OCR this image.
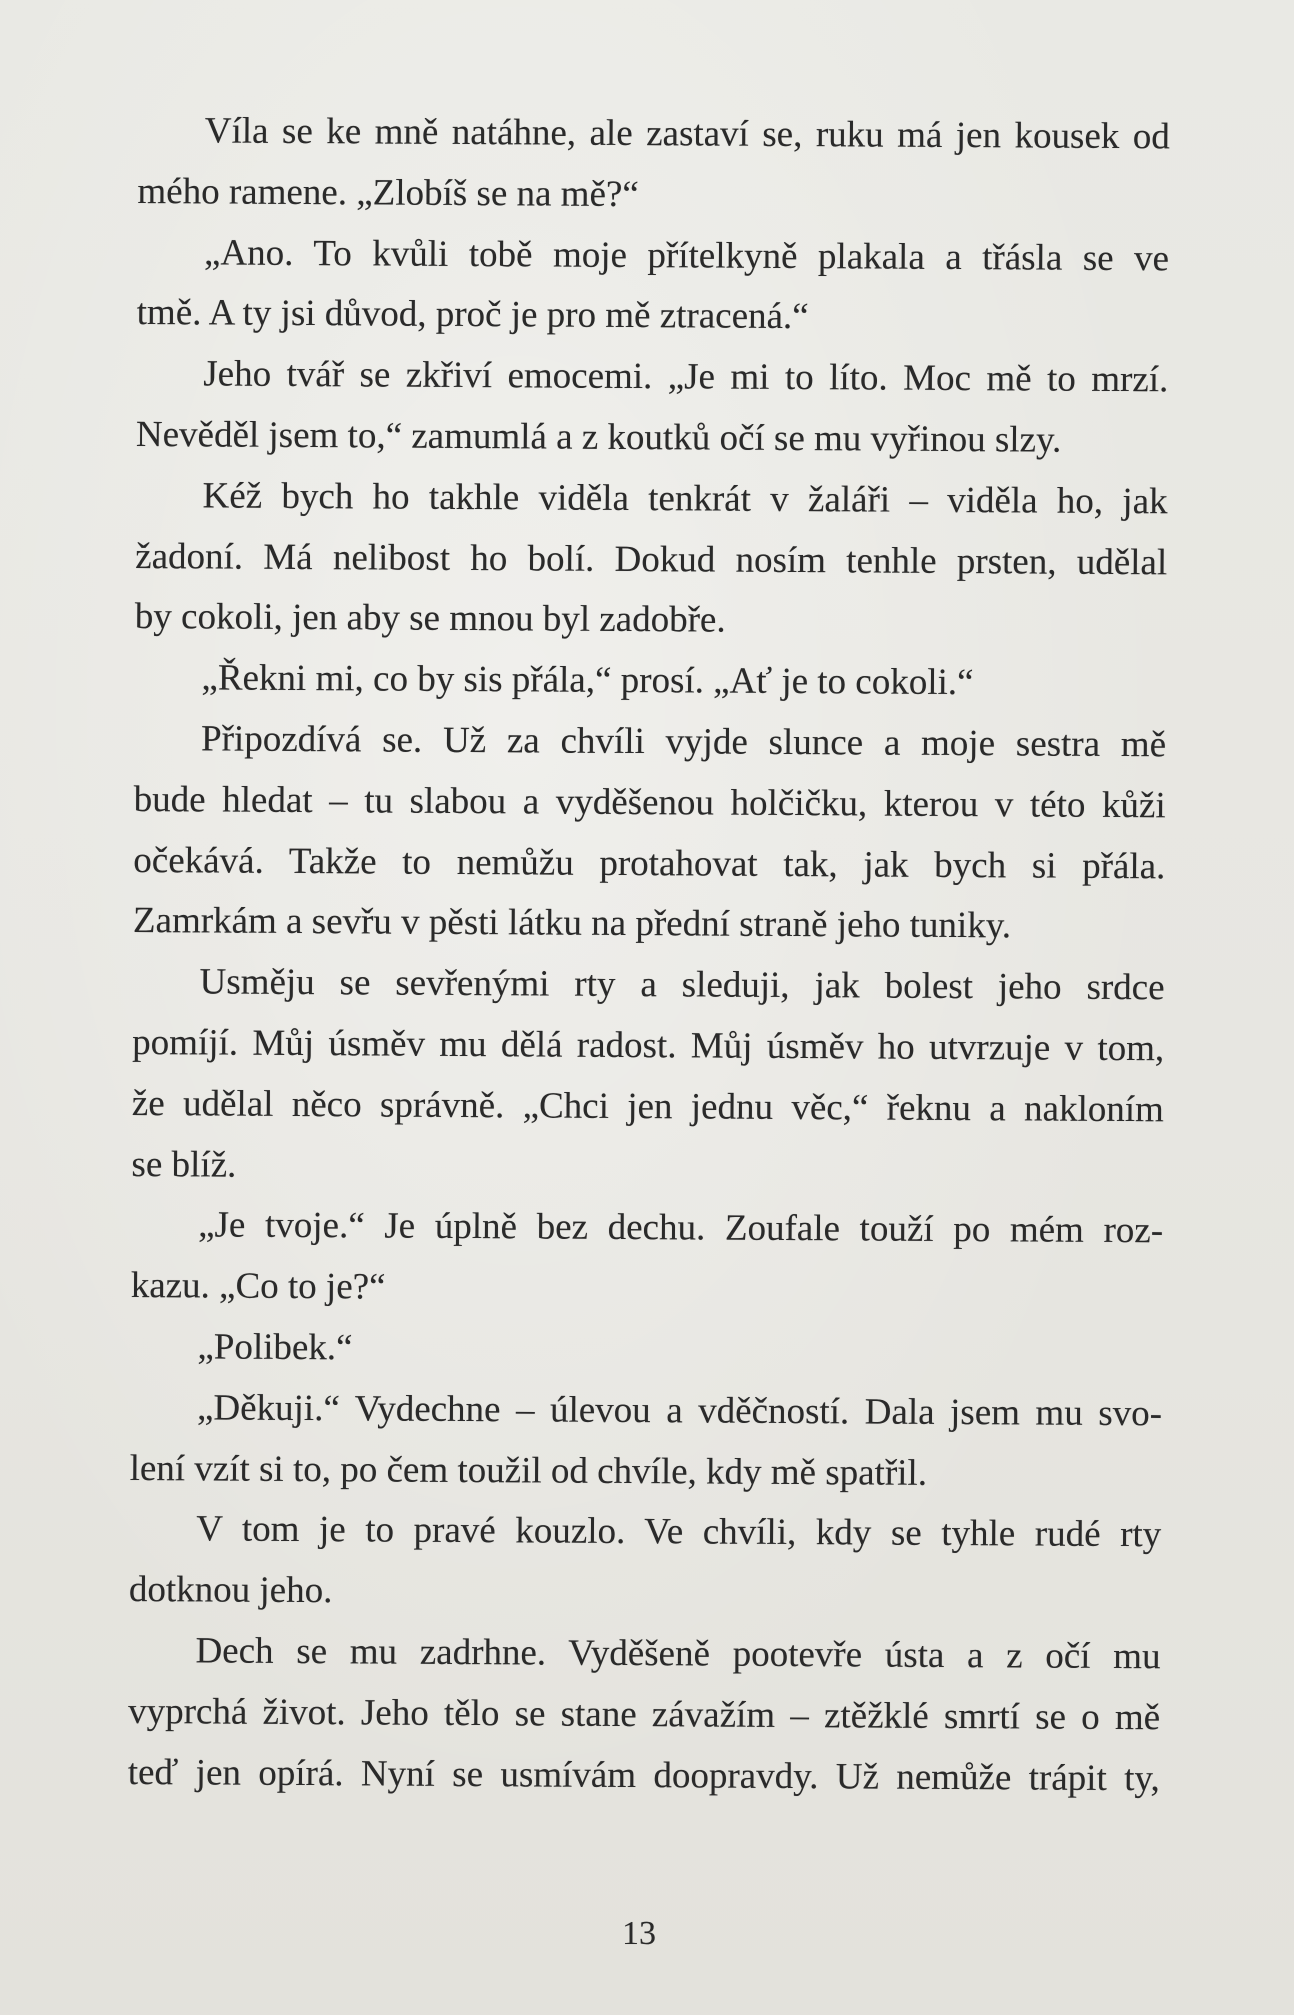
Víla se ke mně natáhne, ale zastaví se, ruku má jen kousek od
mého ramene. „Zlobíš se na mě?“
„Ano. To kvůli tobě moje přítelkyně plakala a třásla se ve
tmě. A ty jsi důvod, proč je pro mě ztracená.“
Jeho tvář se zkřiví emocemi. „Je mi to líto. Moc mě to mrzí.
Nevěděl jsem to,“ zamumlá a z koutků očí se mu vyřinou slzy.
Kéž bych ho takhle viděla tenkrát v žaláři – viděla ho, jak
žadoní. Má nelibost ho bolí. Dokud nosím tenhle prsten, udělal
by cokoli, jen aby se mnou byl zadobře.
„Řekni mi, co by sis přála,“ prosí. „Ať je to cokoli.“
Připozdívá se. Už za chvíli vyjde slunce a moje sestra mě
bude hledat – tu slabou a vyděšenou holčičku, kterou v této kůži
očekává. Takže to nemůžu protahovat tak, jak bych si přála.
Zamrkám a sevřu v pěsti látku na přední straně jeho tuniky.
Usměju se sevřenými rty a sleduji, jak bolest jeho srdce
pomíjí. Můj úsměv mu dělá radost. Můj úsměv ho utvrzuje v tom,
že udělal něco správně. „Chci jen jednu věc,“ řeknu a nakloním
se blíž.
„Je tvoje.“ Je úplně bez dechu. Zoufale touží po mém roz-
kazu. „Co to je?“
„Polibek.“
„Děkuji.“ Vydechne – úlevou a vděčností. Dala jsem mu svo-
lení vzít si to, po čem toužil od chvíle, kdy mě spatřil.
V tom je to pravé kouzlo. Ve chvíli, kdy se tyhle rudé rty
dotknou jeho.
Dech se mu zadrhne. Vyděšeně pootevře ústa a z očí mu
vyprchá život. Jeho tělo se stane závažím – ztěžklé smrtí se o mě
teď jen opírá. Nyní se usmívám doopravdy. Už nemůže trápit ty,
13
